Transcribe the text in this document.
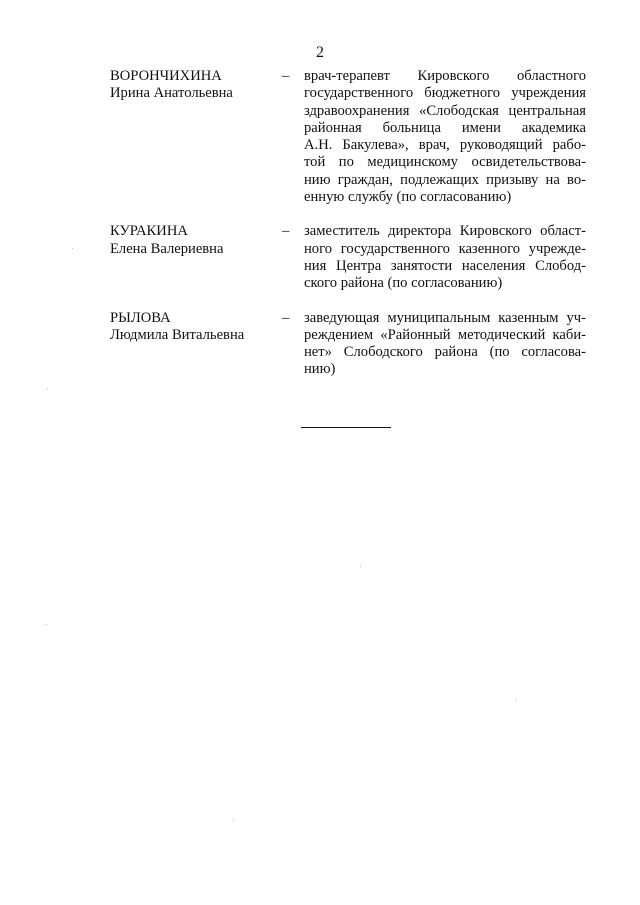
2
ВОРОНЧИХИНА
Ирина Анатольевна
–	врач-терапевт Кировского областного
государственного бюджетного учреждения
здравоохранения «Слободская центральная
районная больница имени академика
А.Н. Бакулева», врач, руководящий рабо-
той по медицинскому освидетельствова-
нию граждан, подлежащих призыву на во-
енную службу (по согласованию)
КУРАКИНА
Елена Валериевна
–	заместитель директора Кировского област-
ного государственного казенного учрежде-
ния Центра занятости населения Слобод-
ского района (по согласованию)
РЫЛОВА
Людмила Витальевна
–	заведующая муниципальным казенным уч-
реждением «Районный методический каби-
нет» Слободского района (по согласова-
нию)
